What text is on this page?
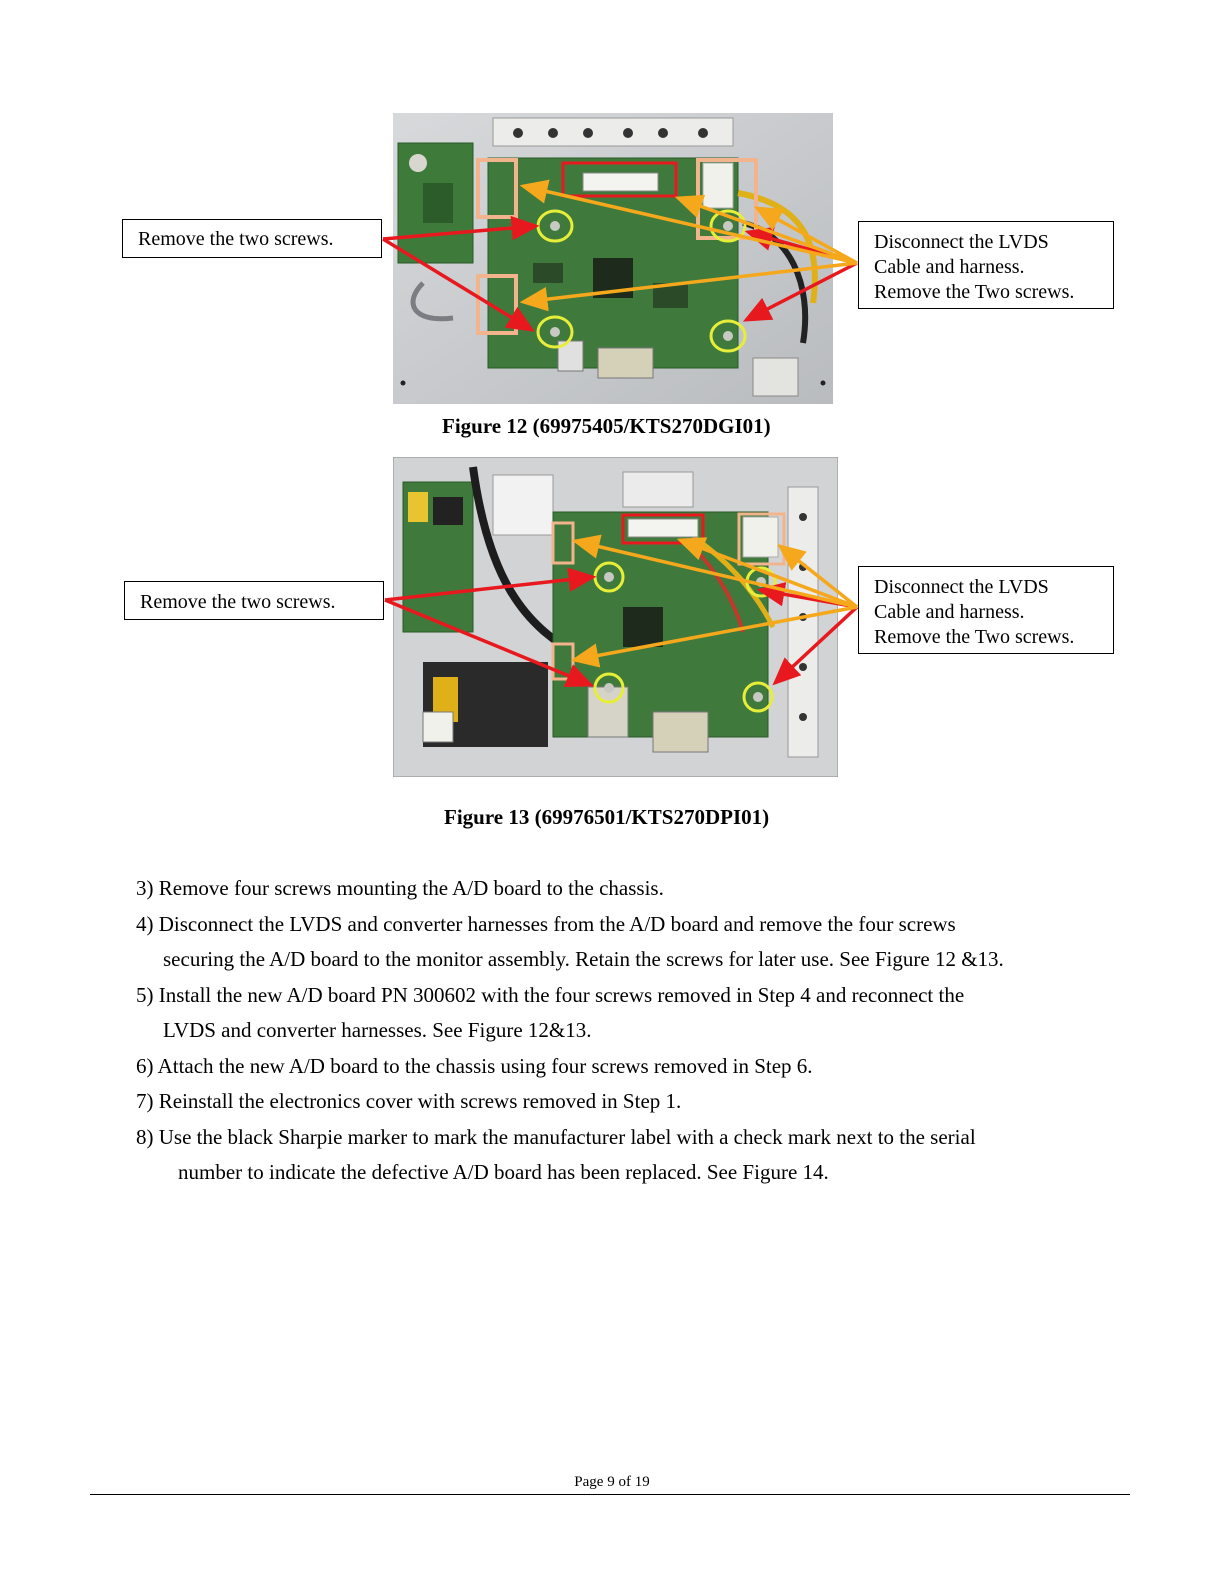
Remove the two screws.	Disconnect the LVDS
Cable and harness.
Remove the Two screws.
Figure 12 (69975405/KTS270DGI01)
Remove the two screws.
Disconnect the LVDS
Cable and harness.
Remove the Two screws.
Figure 13 (69976501/KTS270DPI01)
3) Remove four screws mounting the A/D board to the chassis.
4) Disconnect the LVDS and converter harnesses from the A/D board and remove the four screws
securing the A/D board to the monitor assembly. Retain the screws for later use. See Figure 12 &13.
5) Install the new A/D board PN 300602 with the four screws removed in Step 4 and reconnect the
LVDS and converter harnesses. See Figure 12&13.
6) Attach the new A/D board to the chassis using four screws removed in Step 6.
7) Reinstall the electronics cover with screws removed in Step 1.
8) Use the black Sharpie marker to mark the manufacturer label with a check mark next to the serial
number to indicate the defective A/D board has been replaced. See Figure 14.
Page 9 of 19
